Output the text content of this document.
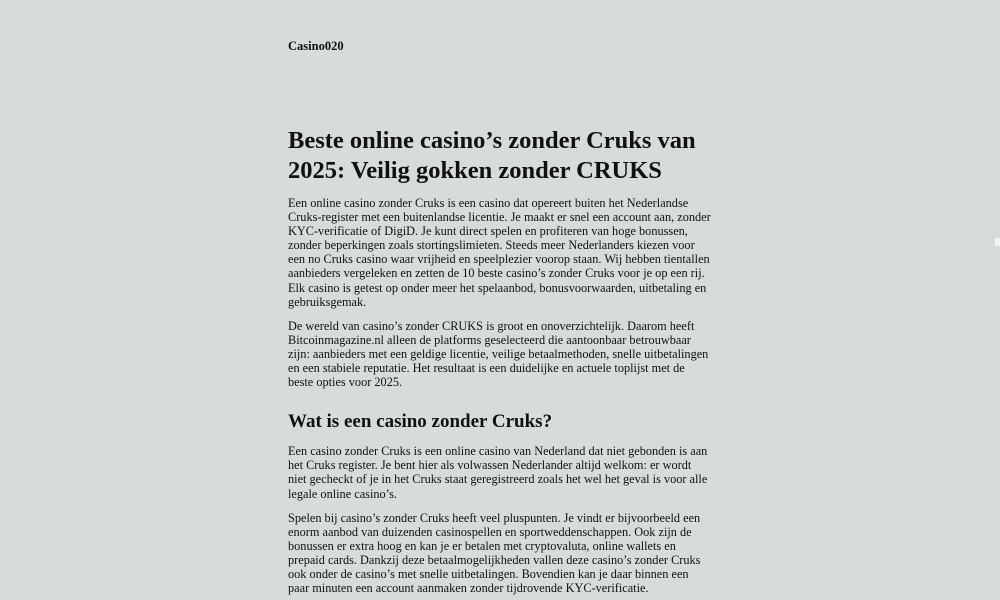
Casino020
Beste online casino’s zonder Cruks van 2025: Veilig gokken zonder CRUKS

Een online casino zonder Cruks is een casino dat opereert buiten het Nederlandse Cruks-register met een buitenlandse licentie. Je maakt er snel een account aan, zonder KYC-verificatie of DigiD. Je kunt direct spelen en profiteren van hoge bonussen, zonder beperkingen zoals stortingslimieten. Steeds meer Nederlanders kiezen voor een no Cruks casino waar vrijheid en speelplezier voorop staan. Wij hebben tientallen aanbieders vergeleken en zetten de 10 beste casino’s zonder Cruks voor je op een rij. Elk casino is getest op onder meer het spelaanbod, bonusvoorwaarden, uitbetaling en gebruiksgemak.

De wereld van casino’s zonder CRUKS is groot en onoverzichtelijk. Daarom heeft Bitcoinmagazine.nl alleen de platforms geselecteerd die aantoonbaar betrouwbaar zijn: aanbieders met een geldige licentie, veilige betaalmethoden, snelle uitbetalingen en een stabiele reputatie. Het resultaat is een duidelijke en actuele toplijst met de beste opties voor 2025.

Wat is een casino zonder Cruks?

Een casino zonder Cruks is een online casino van Nederland dat niet gebonden is aan het Cruks register. Je bent hier als volwassen Nederlander altijd welkom: er wordt niet gecheckt of je in het Cruks staat geregistreerd zoals het wel het geval is voor alle legale online casino’s.

Spelen bij casino’s zonder Cruks heeft veel pluspunten. Je vindt er bijvoorbeeld een enorm aanbod van duizenden casinospellen en sportweddenschappen. Ook zijn de bonussen er extra hoog en kan je er betalen met cryptovaluta, online wallets en prepaid cards. Dankzij deze betaalmogelijkheden vallen deze casino’s zonder Cruks ook onder de casino’s met snelle uitbetalingen. Bovendien kan je daar binnen een paar minuten een account aanmaken zonder tijdrovende KYC-verificatie.
